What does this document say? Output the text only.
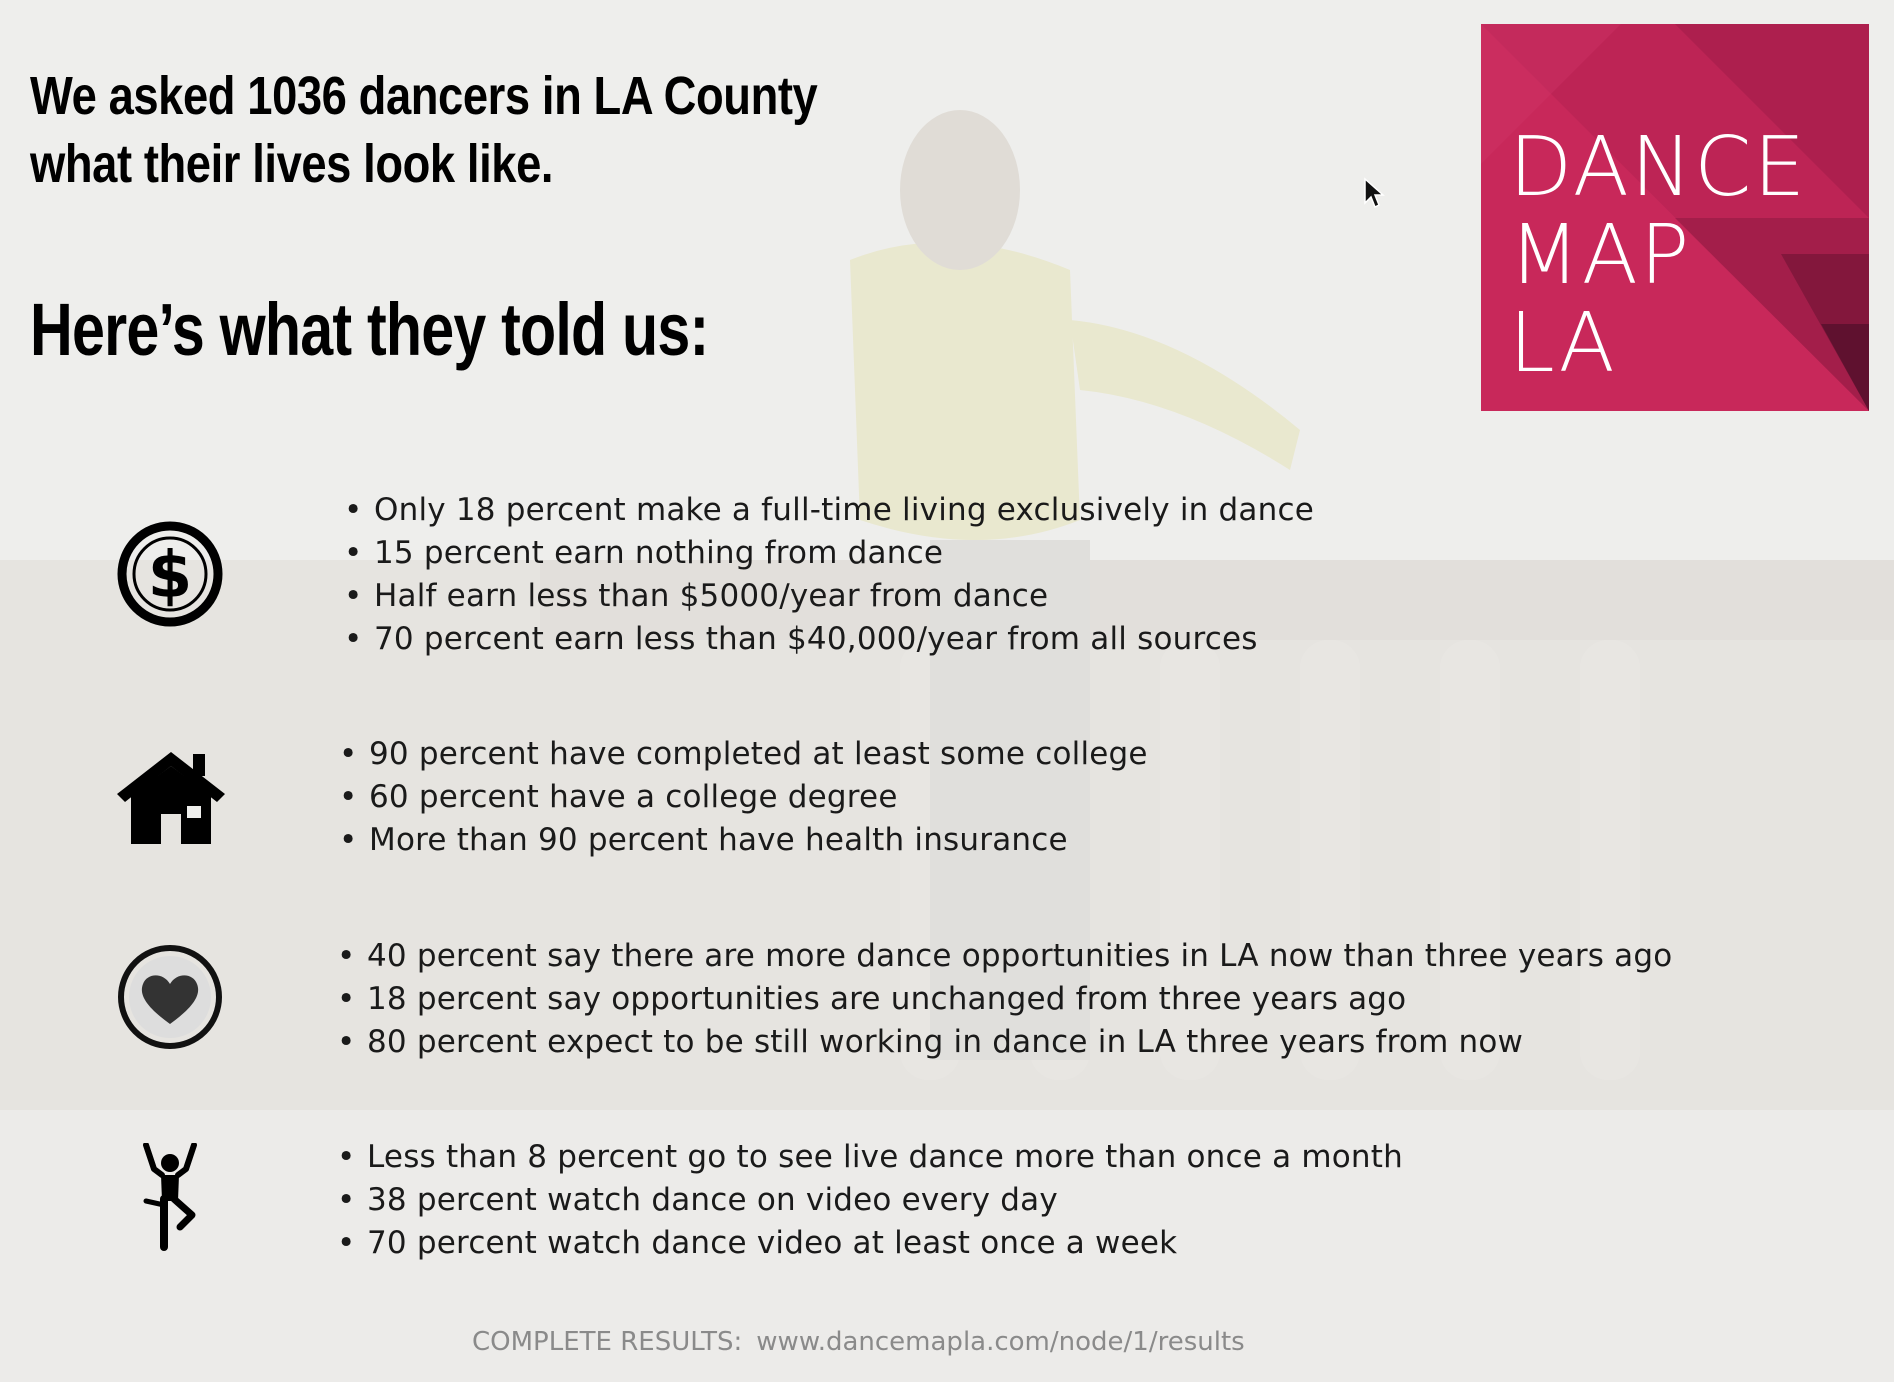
We asked 1036 dancers in LA County
what their lives look like.
Here’s what they told us:
DANCE
MAP
LA
$
• Only 18 percent make a full-time living exclusively in dance
• 15 percent earn nothing from dance
• Half earn less than $5000/year from dance
• 70 percent earn less than $40,000/year from all sources
• 90 percent have completed at least some college
• 60 percent have a college degree
• More than 90 percent have health insurance
• 40 percent say there are more dance opportunities in LA now than three years ago
• 18 percent say opportunities are unchanged from three years ago
• 80 percent expect to be still working in dance in LA three years from now
• Less than 8 percent go to see live dance more than once a month
• 38 percent watch dance on video every day
• 70 percent watch dance video at least once a week
COMPLETE RESULTS: www.dancemapla.com/node/1/results
